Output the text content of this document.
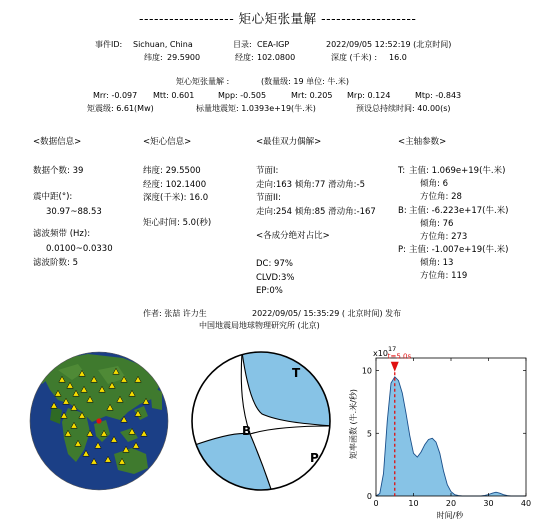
------------------- 矩心矩张量解 -------------------
事件ID: Sichuan, China	目录: CEA-IGP	2022/09/05 12:52:19 (北京时间)
纬度: 29.5900	经度: 102.0800	深度 (千米) : 16.0
矩心矩张量解 :	(数量级: 19 单位: 牛.米)
Mrr: -0.097 Mtt: 0.601	Mpp: -0.505	Mrt: 0.205 Mrp: 0.124	Mtp: -0.843
矩震级: 6.61(Mw)	标量地震矩: 1.0393e+19(牛.米)	预设总持续时间: 40.00(s)
<数据信息>
数据个数: 39
震中距(°):
30.97~88.53
滤波频带 (Hz):
0.0100~0.0330
滤波阶数: 5
<矩心信息>
纬度: 29.5500
经度: 102.1400
深度(千米): 16.0
矩心时间: 5.0(秒)
<最佳双力偶解>
节面I:
走向:163 倾角:77 滑动角:-5
节面II:
走向:254 倾角:85 滑动角:-167
<各成分绝对占比>
DC: 97%
CLVD:3%
EP:0%
<主轴参数>
T: 主值: 1.069e+19(牛.米)
倾角: 6
方位角: 28
B: 主值: -6.223e+17(牛.米)
倾角: 76
方位角: 273
P: 主值: -1.007e+19(牛.米)
倾角: 13
方位角: 119
作者: 张喆 许力生	2022/09/05/ 15:35:29 ( 北京时间) 发布
中国地震局地球物理研究所 (北京)
T
B
P
0	10	20	30	40
0
5
10
t=5.0s
x10 17
矩率函数 (牛.米/秒)
时间/秒
